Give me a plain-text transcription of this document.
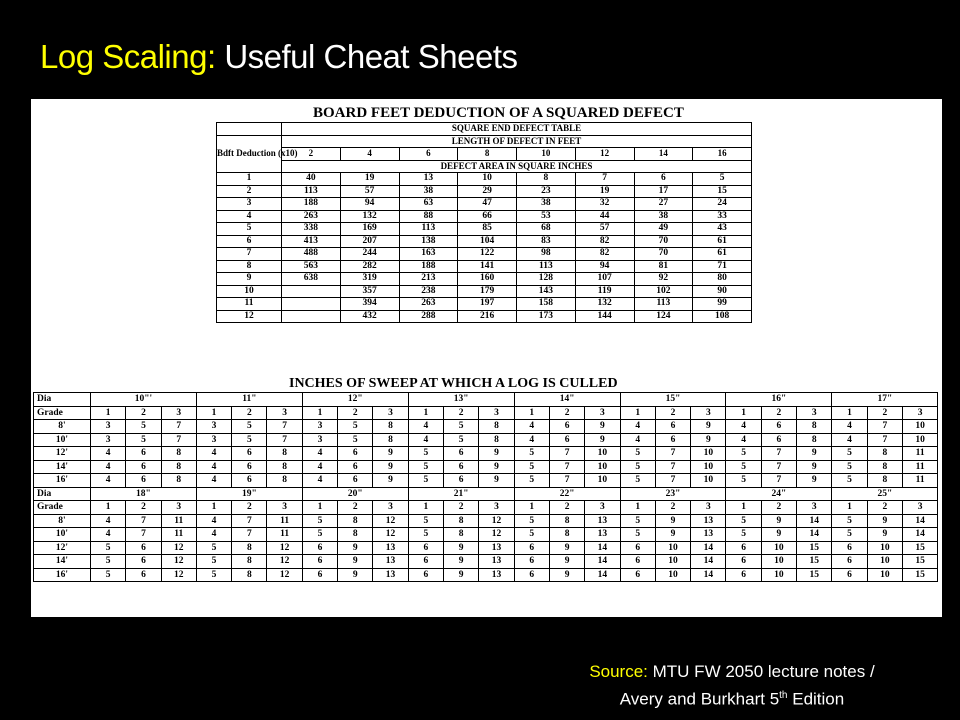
Log Scaling: Useful Cheat Sheets
BOARD FEET DEDUCTION OF A SQUARED DEFECT
	SQUARE END DEFECT TABLE							
Bdft Deduction (x10)	LENGTH OF DEFECT IN FEET							
	2	4	6	8	10	12	14	16
	DEFECT AREA IN SQUARE INCHES							
1	40	19	13	10	8	7	6	5
2	113	57	38	29	23	19	17	15
3	188	94	63	47	38	32	27	24
4	263	132	88	66	53	44	38	33
5	338	169	113	85	68	57	49	43
6	413	207	138	104	83	82	70	61
7	488	244	163	122	98	82	70	61
8	563	282	188	141	113	94	81	71
9	638	319	213	160	128	107	92	80
10		357	238	179	143	119	102	90
11		394	263	197	158	132	113	99
12		432	288	216	173	144	124	108
INCHES OF SWEEP AT WHICH A LOG IS CULLED
Dia	10"'			11"			12"			13"			14"			15"			16"			17"		
Grade	1	2	3	1	2	3	1	2	3	1	2	3	1	2	3	1	2	3	1	2	3	1	2	3
8'	3	5	7	3	5	7	3	5	8	4	5	8	4	6	9	4	6	9	4	6	8	4	7	10
10'	3	5	7	3	5	7	3	5	8	4	5	8	4	6	9	4	6	9	4	6	8	4	7	10
12'	4	6	8	4	6	8	4	6	9	5	6	9	5	7	10	5	7	10	5	7	9	5	8	11
14'	4	6	8	4	6	8	4	6	9	5	6	9	5	7	10	5	7	10	5	7	9	5	8	11
16'	4	6	8	4	6	8	4	6	9	5	6	9	5	7	10	5	7	10	5	7	9	5	8	11
Dia	18"			19"			20"			21"			22"			23"			24"			25"		
Grade	1	2	3	1	2	3	1	2	3	1	2	3	1	2	3	1	2	3	1	2	3	1	2	3
8'	4	7	11	4	7	11	5	8	12	5	8	12	5	8	13	5	9	13	5	9	14	5	9	14
10'	4	7	11	4	7	11	5	8	12	5	8	12	5	8	13	5	9	13	5	9	14	5	9	14
12'	5	6	12	5	8	12	6	9	13	6	9	13	6	9	14	6	10	14	6	10	15	6	10	15
14'	5	6	12	5	8	12	6	9	13	6	9	13	6	9	14	6	10	14	6	10	15	6	10	15
16'	5	6	12	5	8	12	6	9	13	6	9	13	6	9	14	6	10	14	6	10	15	6	10	15
Source: MTU FW 2050 lecture notes /
Avery and Burkhart 5th Edition
